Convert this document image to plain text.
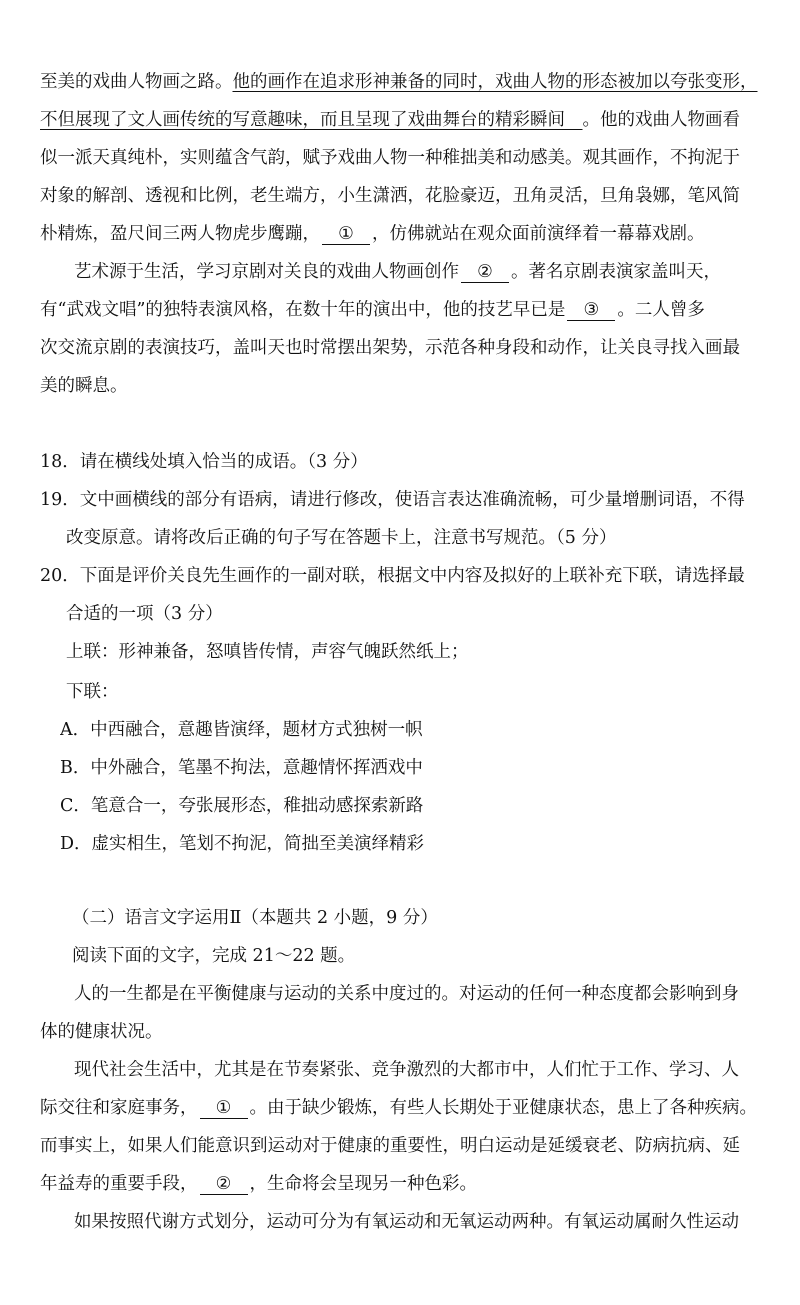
至美的戏曲人物画之路。他的画作在追求形神兼备的同时，戏曲人物的形态被加以夸张变形，
不但展现了文人画传统的写意趣味，而且呈现了戏曲舞台的精彩瞬间   。他的戏曲人物画看
似一派天真纯朴，实则蕴含气韵，赋予戏曲人物一种稚拙美和动感美。观其画作，不拘泥于
对象的解剖、透视和比例，老生端方，小生潇洒，花脸豪迈，丑角灵活，旦角袅娜，笔风简
朴精炼，盈尺间三两人物虎步鹰蹦， ① ，仿佛就站在观众面前演绎着一幕幕戏剧。
艺术源于生活，学习京剧对关良的戏曲人物画创作 ② 。著名京剧表演家盖叫天，
有“武戏文唱”的独特表演风格，在数十年的演出中，他的技艺早已是 ③ 。二人曾多
次交流京剧的表演技巧，盖叫天也时常摆出架势，示范各种身段和动作，让关良寻找入画最
美的瞬息。
18．请在横线处填入恰当的成语。（3 分）
19．文中画横线的部分有语病，请进行修改，使语言表达准确流畅，可少量增删词语，不得
改变原意。请将改后正确的句子写在答题卡上，注意书写规范。（5 分）
20．下面是评价关良先生画作的一副对联，根据文中内容及拟好的上联补充下联，请选择最
合适的一项（3 分）
上联：形神兼备，怒嗔皆传情，声容气魄跃然纸上；
下联：
A．中西融合，意趣皆演绎，题材方式独树一帜
B．中外融合，笔墨不拘法，意趣情怀挥洒戏中
C．笔意合一，夸张展形态，稚拙动感探索新路
D．虚实相生，笔划不拘泥，简拙至美演绎精彩
（二）语言文字运用Ⅱ（本题共 2 小题，9 分）
阅读下面的文字，完成 21～22 题。
人的一生都是在平衡健康与运动的关系中度过的。对运动的任何一种态度都会影响到身
体的健康状况。
现代社会生活中，尤其是在节奏紧张、竞争激烈的大都市中，人们忙于工作、学习、人
际交往和家庭事务， ① 。由于缺少锻炼，有些人长期处于亚健康状态，患上了各种疾病。
而事实上，如果人们能意识到运动对于健康的重要性，明白运动是延缓衰老、防病抗病、延
年益寿的重要手段， ② ，生命将会呈现另一种色彩。
如果按照代谢方式划分，运动可分为有氧运动和无氧运动两种。有氧运动属耐久性运动
